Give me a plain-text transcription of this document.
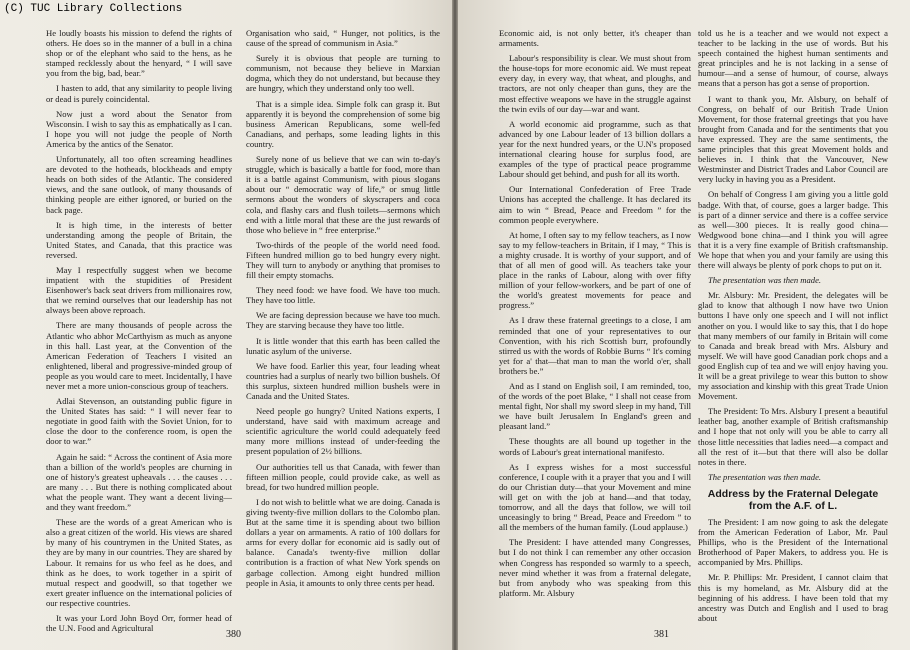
(C) TUC Library Collections

He loudly boasts his mission to defend the rights of others. He does so in the manner of a bull in a china shop or of the elephant who said to the hens, as he stamped recklessly about the henyard, “ I will save you from the big, bad, bear.”

I hasten to add, that any similarity to people living or dead is purely coincidental.

Now just a word about the Senator from Wisconsin. I wish to say this as emphatically as I can. I hope you will not judge the people of North America by the antics of the Senator.

Unfortunately, all too often screaming headlines are devoted to the hotheads, blockheads and empty heads on both sides of the Atlantic. The considered views, and the sane outlook, of many thousands of thinking people are either ignored, or buried on the back page.

It is high time, in the interests of better understanding among the people of Britain, the United States, and Canada, that this practice was reversed.

May I respectfully suggest when we become impatient with the stupidities of President Eisenhower's back seat drivers from millionaires row, that we remind ourselves that our leadership has not always been above reproach.

There are many thousands of people across the Atlantic who abhor McCarthyism as much as anyone in this hall. Last year, at the Convention of the American Federation of Teachers I visited an enlightened, liberal and progressive-minded group of people as you would care to meet. Incidentally, I have never met a more union-conscious group of teachers.

Adlai Stevenson, an outstanding public figure in the United States has said: “ I will never fear to negotiate in good faith with the Soviet Union, for to close the door to the conference room, is open the door to war.”

Again he said: “ Across the continent of Asia more than a billion of the world's peoples are churning in one of history's greatest upheavals . . . the causes . . . are many . . . But there is nothing complicated about what the people want. They want a decent living—and they want freedom.”

These are the words of a great American who is also a great citizen of the world. His views are shared by many of his countrymen in the United States, as they are by many in our countries. They are shared by Labour. It remains for us who feel as he does, and think as he does, to work together in a spirit of mutual respect and goodwill, so that together we exert greater influence on the international policies of our respective countries.

It was your Lord John Boyd Orr, former head of the U.N. Food and Agricultural

Organisation who said, “ Hunger, not politics, is the cause of the spread of communism in Asia.”

Surely it is obvious that people are turning to communism, not because they believe in Marxian dogma, which they do not understand, but because they are hungry, which they understand only too well.

That is a simple idea. Simple folk can grasp it. But apparently it is beyond the comprehension of some big business American Republicans, some well-fed Canadians, and perhaps, some leading lights in this country.

Surely none of us believe that we can win to-day's struggle, which is basically a battle for food, more than it is a battle against Communism, with pious slogans about our “ democratic way of life,” or smug little sermons about the wonders of skyscrapers and coca cola, and flashy cars and flush toilets—sermons which end with a little moral that these are the just rewards of those who believe in “ free enterprise.”

Two-thirds of the people of the world need food. Fifteen hundred million go to bed hungry every night. They will turn to anybody or anything that promises to fill their empty stomachs.

They need food: we have food. We have too much. They have too little.

We are facing depression because we have too much. They are starving because they have too little.

It is little wonder that this earth has been called the lunatic asylum of the universe.

We have food. Earlier this year, four leading wheat countries had a surplus of nearly two billion bushels. Of this surplus, sixteen hundred million bushels were in Canada and the United States.

Need people go hungry? United Nations experts, I understand, have said with maximum acreage and scientific agriculture the world could adequately feed many more millions instead of under-feeding the present population of 2½ billions.

Our authorities tell us that Canada, with fewer than fifteen million people, could provide cake, as well as bread, for two hundred million people.

I do not wish to belittle what we are doing. Canada is giving twenty-five million dollars to the Colombo plan. But at the same time it is spending about two billion dollars a year on armaments. A ratio of 100 dollars for arms for every dollar for economic aid is sadly out of balance. Canada's twenty-five million dollar contribution is a fraction of what New York spends on garbage collection. Among eight hundred million people in Asia, it amounts to only three cents per head.

380

Economic aid, is not only better, it's cheaper than armaments.

Labour's responsibility is clear. We must shout from the house-tops for more economic aid. We must repeat every day, in every way, that wheat, and ploughs, and tractors, are not only cheaper than guns, they are the most effective weapons we have in the struggle against the twin evils of our day—war and want.

A world economic aid programme, such as that advanced by one Labour leader of 13 billion dollars a year for the next hundred years, or the U.N's proposed international clearing house for surplus food, are examples of the type of practical peace programme Labour should get behind, and push for all its worth.

Our International Confederation of Free Trade Unions has accepted the challenge. It has declared its aim to win “ Bread, Peace and Freedom ” for the common people everywhere.

At home, I often say to my fellow teachers, as I now say to my fellow-teachers in Britain, if I may, “ This is a mighty crusade. It is worthy of your support, and of that of all men of good will. As teachers take your place in the ranks of Labour, along with over fifty million of your fellow-workers, and be part of one of the world's greatest movements for peace and progress.”

As I draw these fraternal greetings to a close, I am reminded that one of your representatives to our Convention, with his rich Scottish burr, profoundly stirred us with the words of Robbie Burns “ It's coming yet for a' that—that man to man the world o'er, shall brothers be.”

And as I stand on English soil, I am reminded, too, of the words of the poet Blake, “ I shall not cease from mental fight, Nor shall my sword sleep in my hand, Till we have built Jerusalem In England's green and pleasant land.”

These thoughts are all bound up together in the words of Labour's great international manifesto.

As I express wishes for a most successful conference, I couple with it a prayer that you and I will do our Christian duty—that your Movement and mine will get on with the job at hand—and that today, tomorrow, and all the days that follow, we will toil unceasingly to bring “ Bread, Peace and Freedom ” to all the members of the human family. (Loud applause.)

The President: I have attended many Congresses, but I do not think I can remember any other occasion when Congress has responded so warmly to a speech, never mind whether it was from a fraternal delegate, but from anybody who was speaking from this platform. Mr. Alsbury

told us he is a teacher and we would not expect a teacher to be lacking in the use of words. But his speech contained the highest human sentiments and great principles and he is not lacking in a sense of humour—and a sense of humour, of course, always means that a person has got a sense of proportion.

I want to thank you, Mr. Alsbury, on behalf of Congress, on behalf of our British Trade Union Movement, for those fraternal greetings that you have brought from Canada and for the sentiments that you have expressed. They are the same sentiments, the same principles that this great Movement holds and believes in. I think that the Vancouver, New Westminster and District Trades and Labor Council are very lucky in having you as a President.

On behalf of Congress I am giving you a little gold badge. With that, of course, goes a larger badge. This is part of a dinner service and there is a coffee service as well—300 pieces. It is really good china—Wedgwood bone china—and I think you will agree that it is a very fine example of British craftsmanship. We hope that when you and your family are using this there will always be plenty of pork chops to put on it.

The presentation was then made.

Mr. Alsbury: Mr. President, the delegates will be glad to know that although I now have two Union buttons I have only one speech and I will not inflict another on you. I would like to say this, that I do hope that many members of our family in Britain will come to Canada and break bread with Mrs. Alsbury and myself. We will have good Canadian pork chops and a good English cup of tea and we will enjoy having you. It will be a great privilege to wear this button to show my association and kinship with this great Trade Union Movement.

The President: To Mrs. Alsbury I present a beautiful leather bag, another example of British craftsmanship and I hope that not only will you be able to carry all those little necessities that ladies need—a compact and all the rest of it—but that there will also be dollar notes in there.

The presentation was then made.

Address by the Fraternal Delegate from the A.F. of L.

The President: I am now going to ask the delegate from the American Federation of Labor, Mr. Paul Phillips, who is the President of the International Brotherhood of Paper Makers, to address you. He is accompanied by Mrs. Phillips.

Mr. P. Phillips: Mr. President, I cannot claim that this is my homeland, as Mr. Alsbury did at the beginning of his address. I have been told that my ancestry was Dutch and English and I used to brag about

381
